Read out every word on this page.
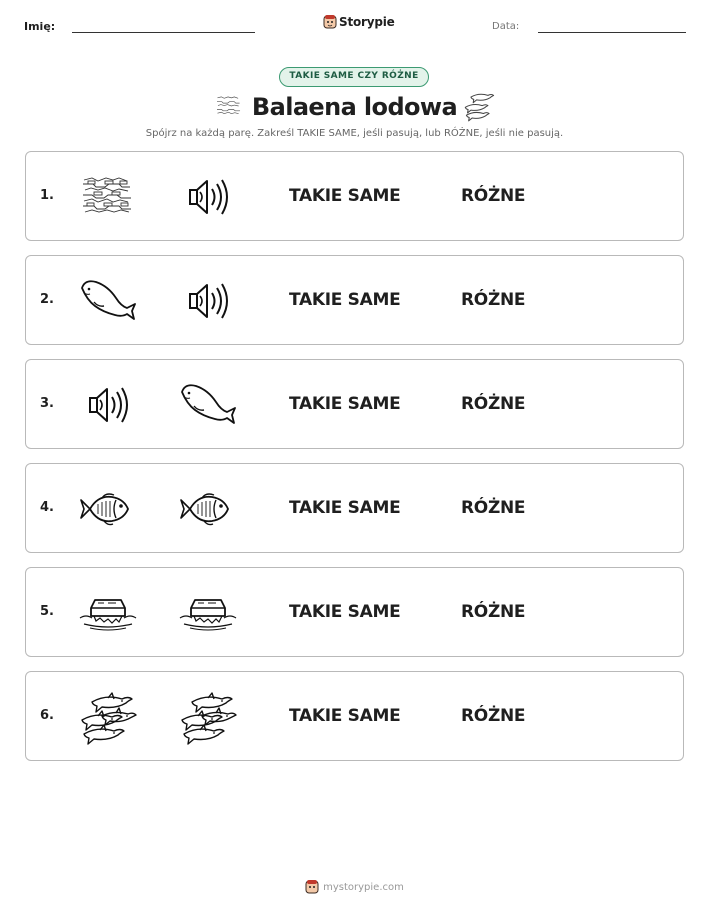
Imię:	Storypie	Data:
TAKIE SAME CZY RÓŻNE
Balaena lodowa
Spójrz na każdą parę. Zakreśl TAKIE SAME, jeśli pasują, lub RÓŻNE, jeśli nie pasują.
1.	TAKIE SAME	RÓŻNE
2.	TAKIE SAME	RÓŻNE
3.	TAKIE SAME	RÓŻNE
4.	TAKIE SAME	RÓŻNE
5.	TAKIE SAME	RÓŻNE
6.	TAKIE SAME	RÓŻNE
mystorypie.com
